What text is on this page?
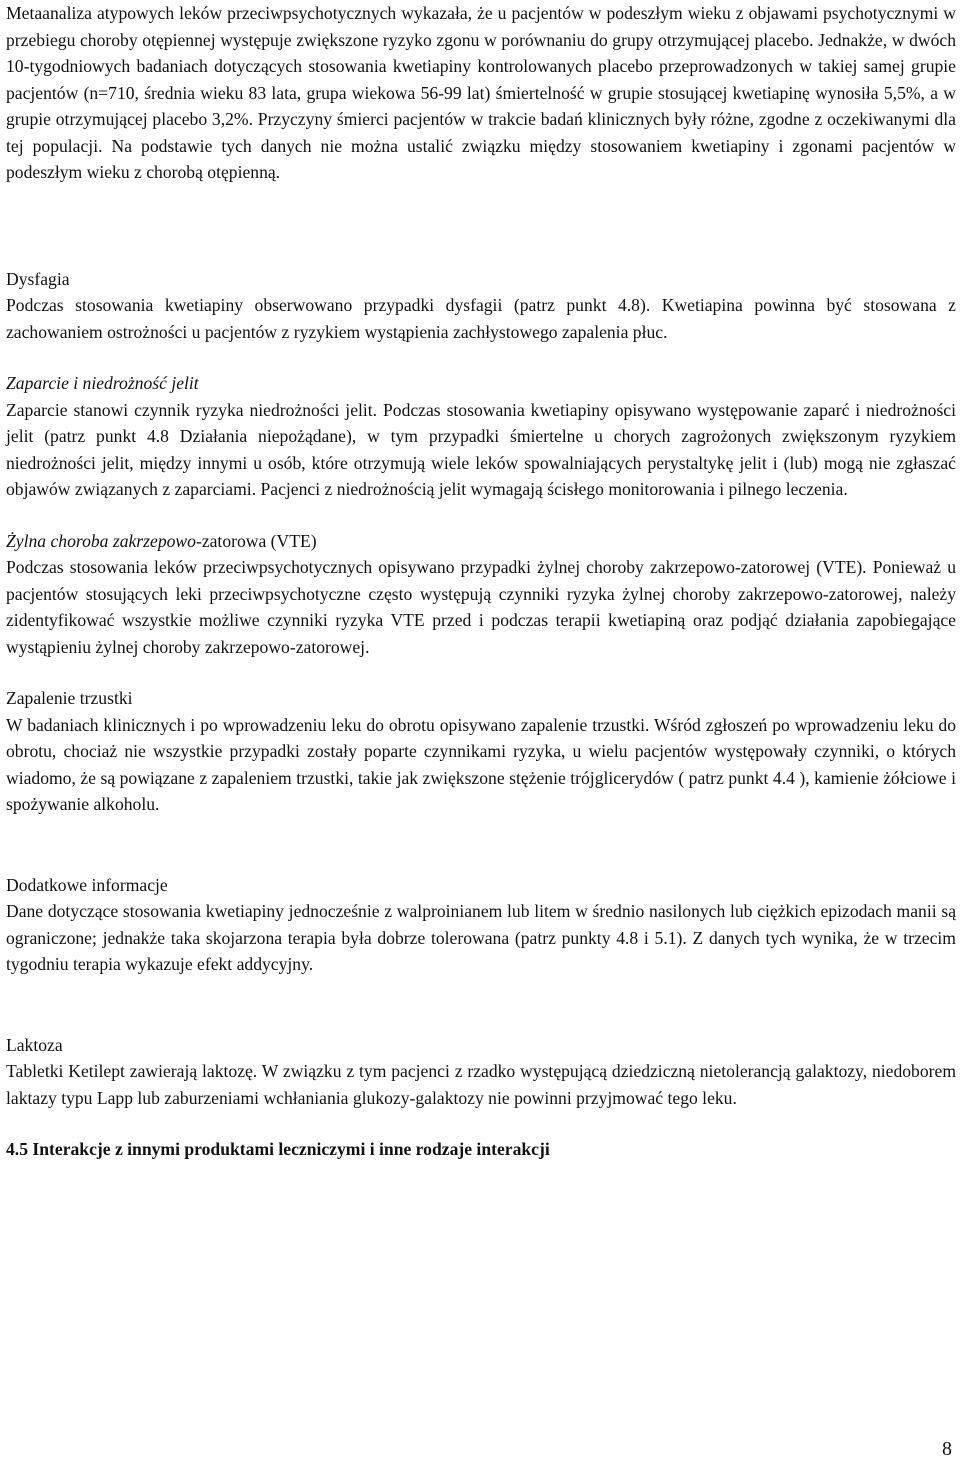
Metaanaliza atypowych leków przeciwpsychotycznych wykazała, że u pacjentów w podeszłym wieku z objawami psychotycznymi w przebiegu choroby otępiennej występuje zwiększone ryzyko zgonu w porównaniu do grupy otrzymującej placebo. Jednakże, w dwóch 10-tygodniowych badaniach dotyczących stosowania kwetiapiny kontrolowanych placebo przeprowadzonych w takiej samej grupie pacjentów (n=710, średnia wieku 83 lata, grupa wiekowa 56-99 lat) śmiertelność w grupie stosującej kwetiapinę wynosiła 5,5%, a w grupie otrzymującej placebo 3,2%. Przyczyny śmierci pacjentów w trakcie badań klinicznych były różne, zgodne z oczekiwanymi dla tej populacji. Na podstawie tych danych nie można ustalić związku między stosowaniem kwetiapiny i zgonami pacjentów w podeszłym wieku z chorobą otępienną.

Dysfagia

Podczas stosowania kwetiapiny obserwowano przypadki dysfagii (patrz punkt 4.8). Kwetiapina powinna być stosowana z zachowaniem ostrożności u pacjentów z ryzykiem wystąpienia zachłystowego zapalenia płuc.

Zaparcie i niedrożność jelit

Zaparcie stanowi czynnik ryzyka niedrożności jelit. Podczas stosowania kwetiapiny opisywano występowanie zaparć i niedrożności jelit (patrz punkt 4.8 Działania niepożądane), w tym przypadki śmiertelne u chorych zagrożonych zwiększonym ryzykiem niedrożności jelit, między innymi u osób, które otrzymują wiele leków spowalniających perystaltykę jelit i (lub) mogą nie zgłaszać objawów związanych z zaparciami. Pacjenci z niedrożnością jelit wymagają ścisłego monitorowania i pilnego leczenia.

Żylna choroba zakrzepowo-zatorowa (VTE)

Podczas stosowania leków przeciwpsychotycznych opisywano przypadki żylnej choroby zakrzepowo-zatorowej (VTE). Ponieważ u pacjentów stosujących leki przeciwpsychotyczne często występują czynniki ryzyka żylnej choroby zakrzepowo-zatorowej, należy zidentyfikować wszystkie możliwe czynniki ryzyka VTE przed i podczas terapii kwetiapiną oraz podjąć działania zapobiegające wystąpieniu żylnej choroby zakrzepowo-zatorowej.

Zapalenie trzustki

W badaniach klinicznych i po wprowadzeniu leku do obrotu opisywano zapalenie trzustki. Wśród zgłoszeń po wprowadzeniu leku do obrotu, chociaż nie wszystkie przypadki zostały poparte czynnikami ryzyka, u wielu pacjentów występowały czynniki, o których wiadomo, że są powiązane z zapaleniem trzustki, takie jak zwiększone stężenie trójglicerydów ( patrz punkt 4.4 ), kamienie żółciowe i spożywanie alkoholu.

Dodatkowe informacje

Dane dotyczące stosowania kwetiapiny jednocześnie z walproinianem lub litem w średnio nasilonych lub ciężkich epizodach manii są ograniczone; jednakże taka skojarzona terapia była dobrze tolerowana (patrz punkty 4.8 i 5.1). Z danych tych wynika, że w trzecim tygodniu terapia wykazuje efekt addycyjny.

Laktoza

Tabletki Ketilept zawierają laktozę. W związku z tym pacjenci z rzadko występującą dziedziczną nietolerancją galaktozy, niedoborem laktazy typu Lapp lub zaburzeniami wchłaniania glukozy-galaktozy nie powinni przyjmować tego leku.

4.5 Interakcje z innymi produktami leczniczymi i inne rodzaje interakcji
8
